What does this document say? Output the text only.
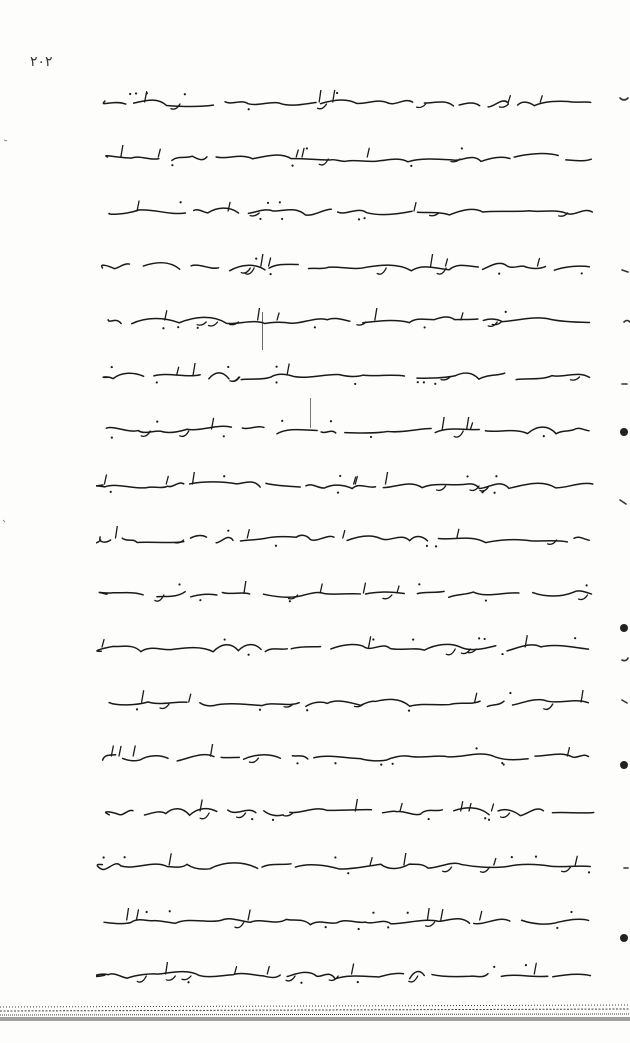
۲۰۲
